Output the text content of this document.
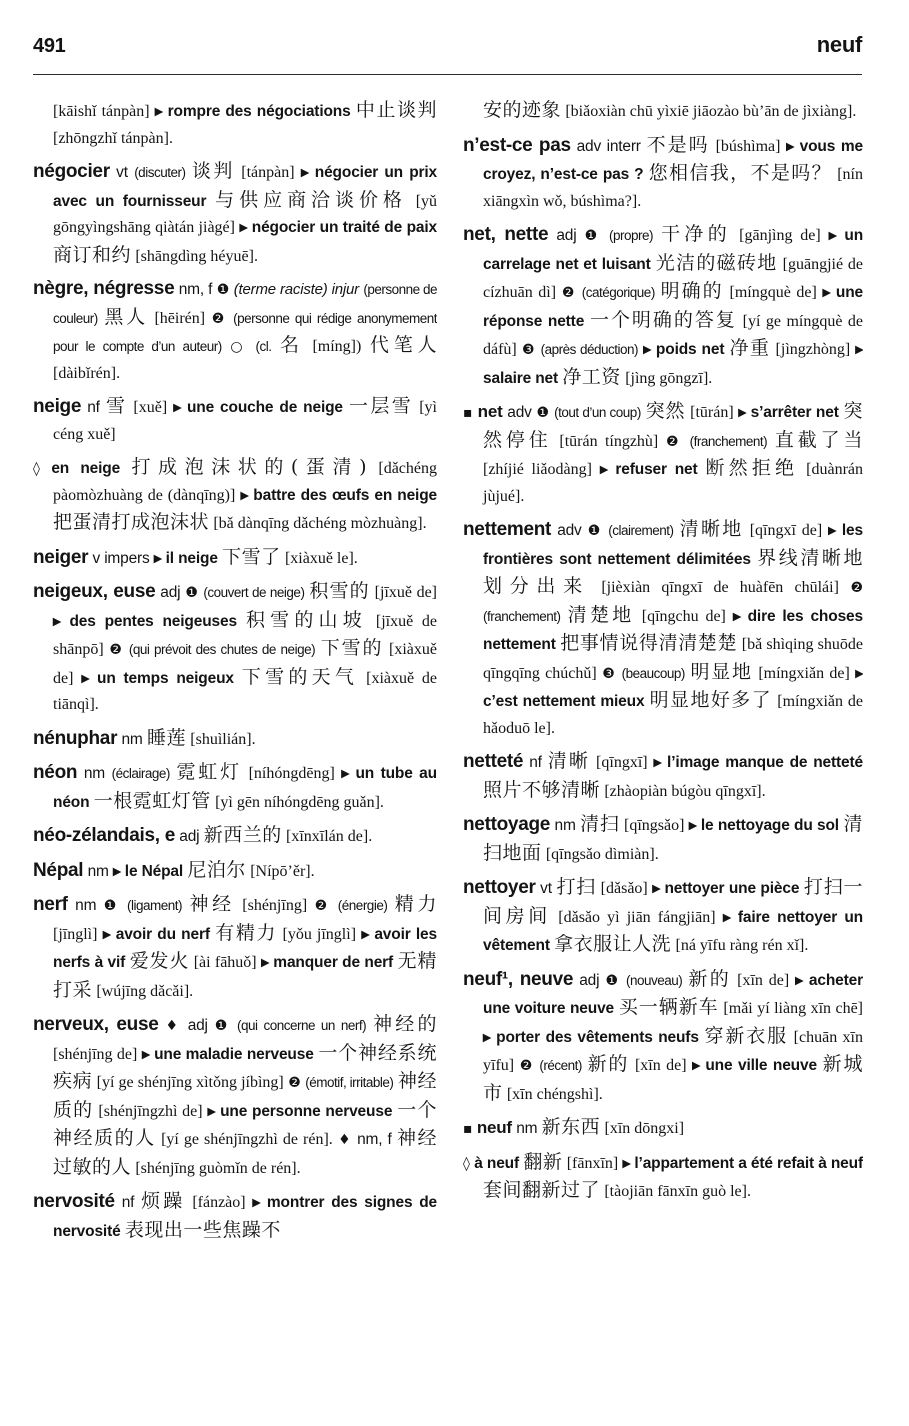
491	neuf
[kāishǐ tánpàn] ▸ rompre des négociations 中止谈判 [zhōngzhǐ tánpàn].
négocier vt (discuter) 谈判 [tánpàn] ▸ négocier un prix avec un fournisseur 与供应商洽谈价格 [yǔ gōngyìngshāng qiàtán jiàgé] ▸ négocier un traité de paix 商订和约 [shāngdìng héyuē].
nègre, négresse nm, f ❶ (terme raciste) injur (personne de couleur) 黑人 [hēirén] ❷ (personne qui rédige anonymement pour le compte d’un auteur) ○ (cl. 名 [míng]) 代笔人 [dàibǐrén].
neige nf 雪 [xuě] ▸ une couche de neige 一层雪 [yì céng xuě]
◊ en neige 打成泡沫状的(蛋清) [dǎchéng pàomòzhuàng de (dànqīng)] ▸ battre des œufs en neige 把蛋清打成泡沫状 [bǎ dànqīng dǎchéng mòzhuàng].
neiger v impers ▸ il neige 下雪了 [xiàxuě le].
neigeux, euse adj ❶ (couvert de neige) 积雪的 [jīxuě de] ▸ des pentes neigeuses 积雪的山坡 [jīxuě de shānpō] ❷ (qui prévoit des chutes de neige) 下雪的 [xiàxuě de] ▸ un temps neigeux 下雪的天气 [xiàxuě de tiānqì].
nénuphar nm 睡莲 [shuìlián].
néon nm (éclairage) 霓虹灯 [níhóngdēng] ▸ un tube au néon 一根霓虹灯管 [yì gēn níhóngdēng guǎn].
néo-zélandais, e adj 新西兰的 [xīnxīlán de].
Népal nm ▸ le Népal 尼泊尔 [Nípō’ěr].
nerf nm ❶ (ligament) 神经 [shénjīng] ❷ (énergie) 精力 [jīnglì] ▸ avoir du nerf 有精力 [yǒu jīnglì] ▸ avoir les nerfs à vif 爱发火 [ài fāhuǒ] ▸ manquer de nerf 无精打采 [wújīng dǎcǎi].
nerveux, euse ♦ adj ❶ (qui concerne un nerf) 神经的 [shénjīng de] ▸ une maladie nerveuse 一个神经系统疾病 [yí ge shénjīng xìtǒng jíbìng] ❷ (émotif, irritable) 神经质的 [shénjīngzhì de] ▸ une personne nerveuse 一个神经质的人 [yí ge shénjīngzhì de rén]. ♦ nm, f 神经过敏的人 [shénjīng guòmǐn de rén].
nervosité nf 烦躁 [fánzào] ▸ montrer des signes de nervosité 表现出一些焦躁不
安的迹象 [biǎoxiàn chū yìxiē jiāozào bù’ān de jìxiàng].
n’est-ce pas adv interr 不是吗 [búshìma] ▸ vous me croyez, n’est-ce pas ? 您相信我，不是吗？ [nín xiāngxìn wǒ, búshìma?].
net, nette adj ❶ (propre) 干净的 [gānjìng de] ▸ un carrelage net et luisant 光洁的磁砖地 [guāngjié de cízhuān dì] ❷ (catégorique) 明确的 [míngquè de] ▸ une réponse nette 一个明确的答复 [yí ge míngquè de dáfù] ❸ (après déduction) ▸ poids net 净重 [jìngzhòng] ▸ salaire net 净工资 [jìng gōngzī].
▪ net adv ❶ (tout d’un coup) 突然 [tūrán] ▸ s’arrêter net 突然停住 [tūrán tíngzhù] ❷ (franchement) 直截了当 [zhíjié liǎodàng] ▸ refuser net 断然拒绝 [duànrán jùjué].
nettement adv ❶ (clairement) 清晰地 [qīngxī de] ▸ les frontières sont nettement délimitées 界线清晰地划分出来 [jièxiàn qīngxī de huàfēn chūlái] ❷ (franchement) 清楚地 [qīngchu de] ▸ dire les choses nettement 把事情说得清清楚楚 [bǎ shìqing shuōde qīngqīng chúchǔ] ❸ (beaucoup) 明显地 [míngxiǎn de] ▸ c’est nettement mieux 明显地好多了 [míngxiǎn de hǎoduō le].
netteté nf 清晰 [qīngxī] ▸ l’image manque de netteté 照片不够清晰 [zhàopiàn búgòu qīngxī].
nettoyage nm 清扫 [qīngsǎo] ▸ le nettoyage du sol 清扫地面 [qīngsǎo dìmiàn].
nettoyer vt 打扫 [dǎsǎo] ▸ nettoyer une pièce 打扫一间房间 [dǎsǎo yì jiān fángjiān] ▸ faire nettoyer un vêtement 拿衣服让人洗 [ná yīfu ràng rén xǐ].
neuf¹, neuve adj ❶ (nouveau) 新的 [xīn de] ▸ acheter une voiture neuve 买一辆新车 [mǎi yí liàng xīn chē] ▸ porter des vêtements neufs 穿新衣服 [chuān xīn yīfu] ❷ (récent) 新的 [xīn de] ▸ une ville neuve 新城市 [xīn chéngshì].
▪ neuf nm 新东西 [xīn dōngxi]
◊ à neuf 翻新 [fānxīn] ▸ l’appartement a été refait à neuf 套间翻新过了 [tàojiān fānxīn guò le].
